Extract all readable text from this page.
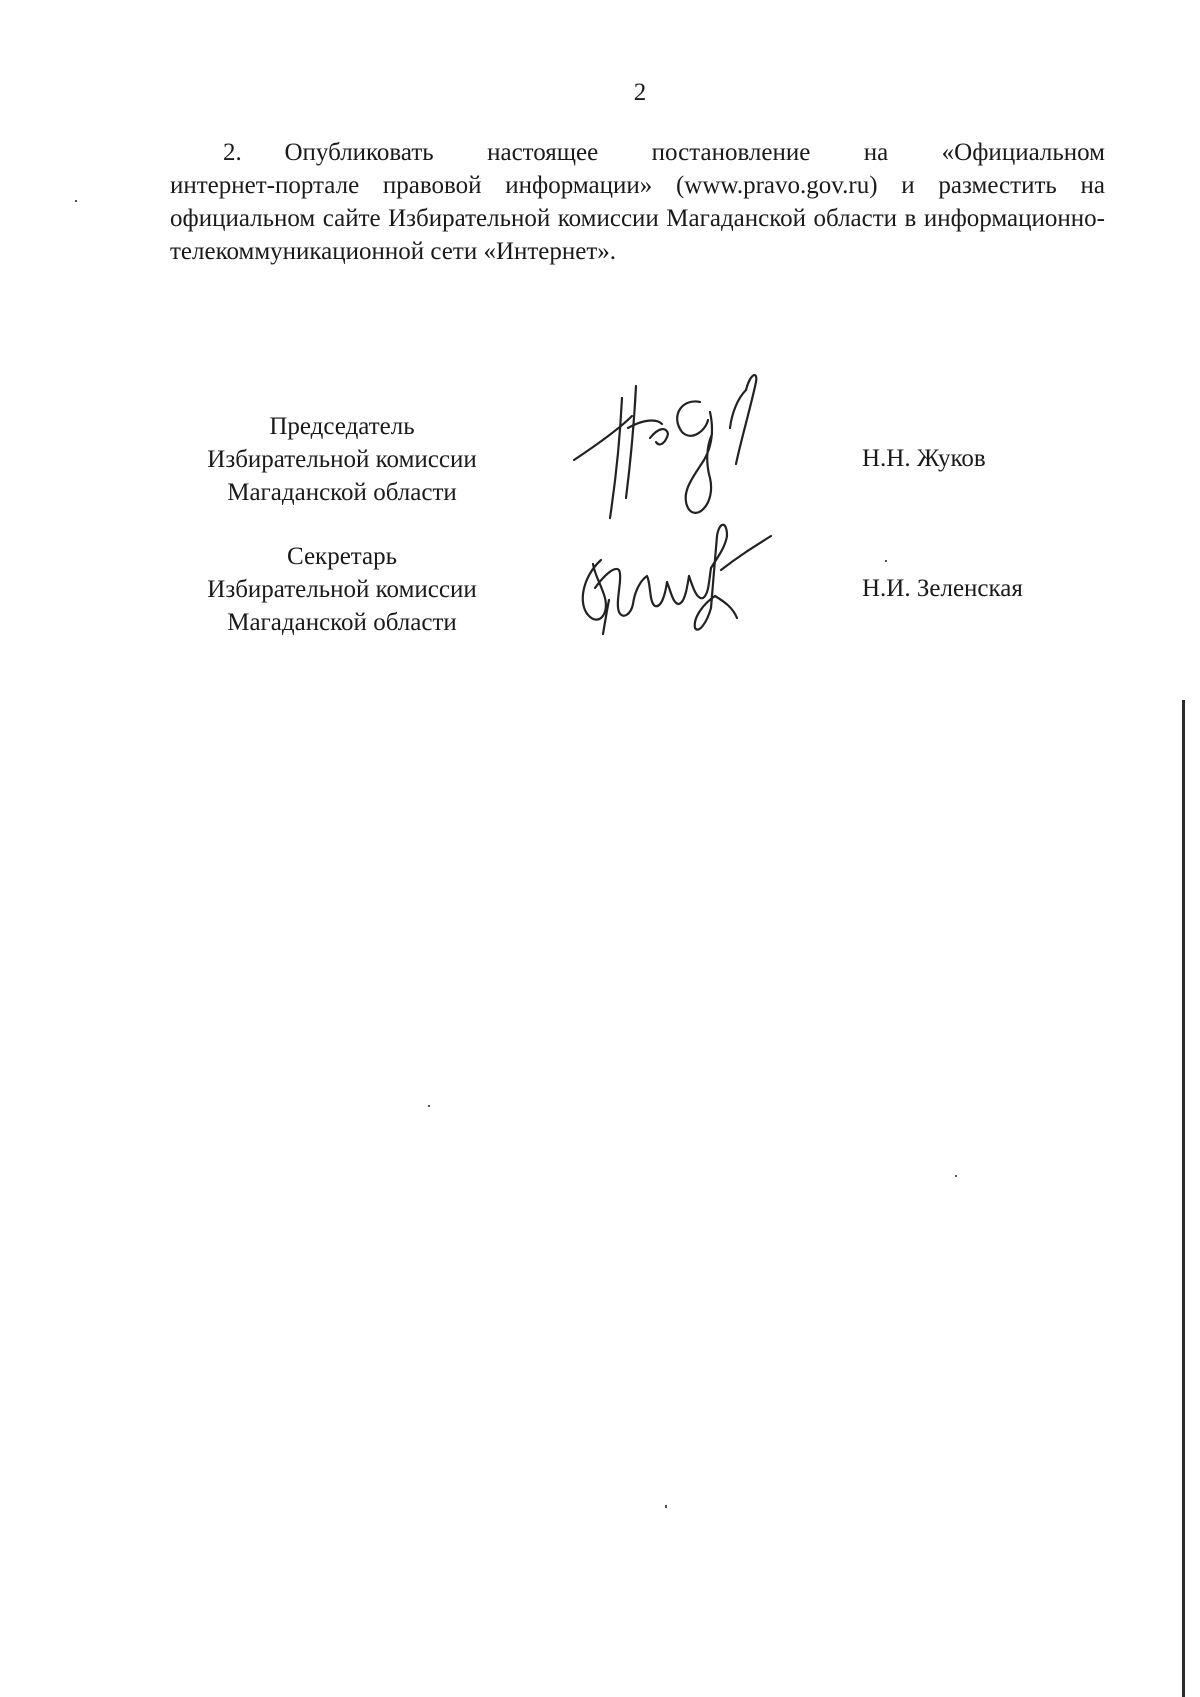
2

2.    Опубликовать     настоящее     постановление     на     «Официальном интернет-портале правовой информации» (www.pravo.gov.ru) и разместить на официальном сайте Избирательной комиссии Магаданской области в информационно-телекоммуникационной сети «Интернет».

Председатель
Избирательной комиссии
Магаданской области
Н.Н. Жуков
Секретарь
Избирательной комиссии
Магаданской области
Н.И. Зеленская
